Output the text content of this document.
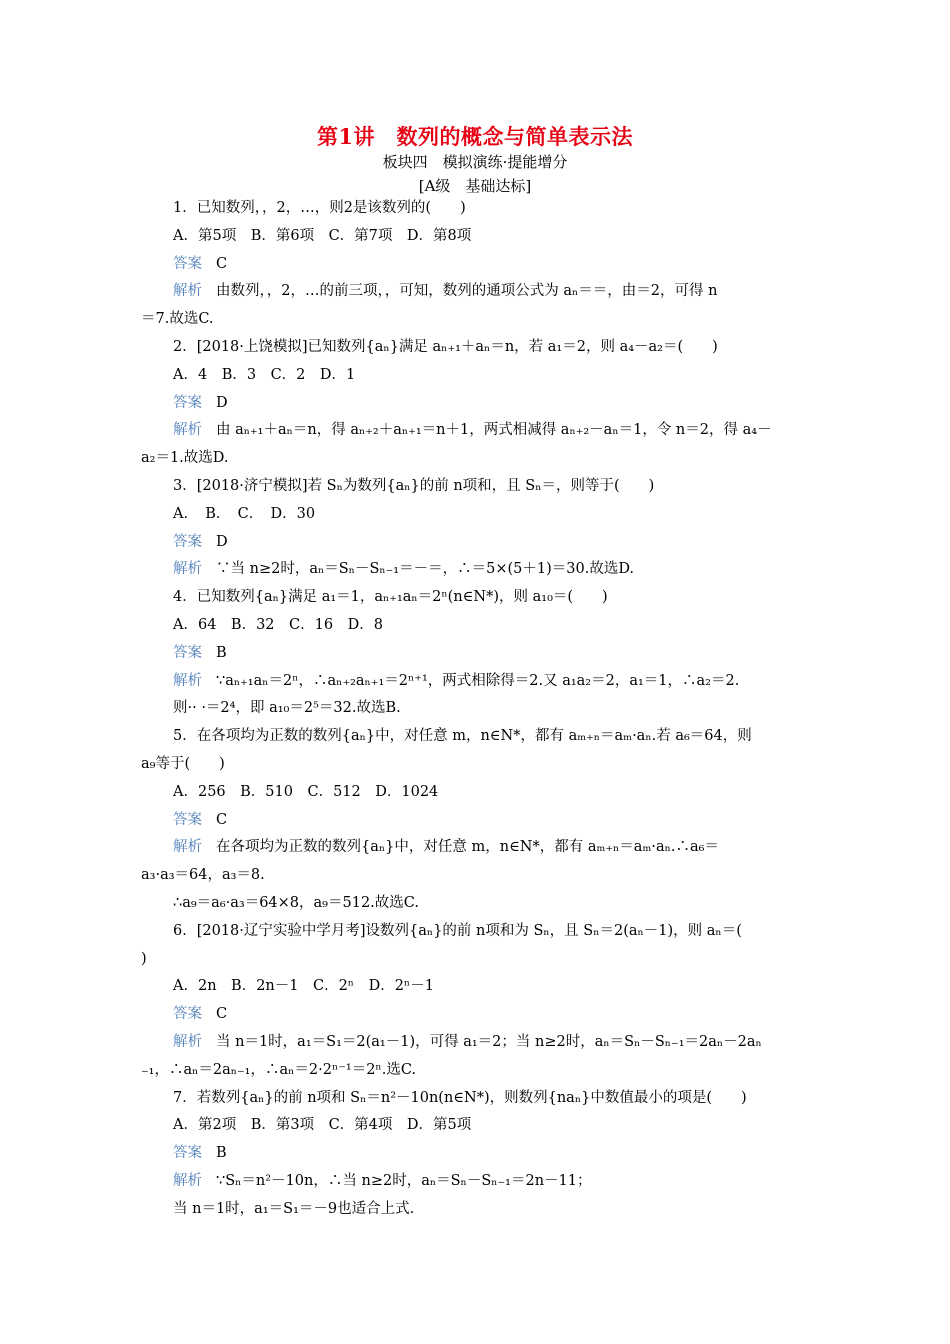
第1讲　数列的概念与简单表示法
板块四　模拟演练·提能增分
[A级　基础达标]
1．已知数列，，2，…，则2是该数列的(　　)
A．第5项　B．第6项　C．第7项　D．第8项
答案 C
解析 由数列，，2，…的前三项，，可知，数列的通项公式为 aₙ＝＝，由＝2，可得 n
＝7.故选C.
2．[2018·上饶模拟]已知数列{aₙ}满足 aₙ₊₁＋aₙ＝n，若 a₁＝2，则 a₄－a₂＝(　　)
A．4　B．3　C．2　D．1
答案 D
解析 由 aₙ₊₁＋aₙ＝n，得 aₙ₊₂＋aₙ₊₁＝n＋1，两式相减得 aₙ₊₂－aₙ＝1，令 n＝2，得 a₄－
a₂＝1.故选D.
3．[2018·济宁模拟]若 Sₙ为数列{aₙ}的前 n项和，且 Sₙ＝，则等于(　　)
A．　B．　C．　D．30
答案 D
解析 ∵当 n≥2时，aₙ＝Sₙ－Sₙ₋₁＝－＝，∴＝5×(5＋1)＝30.故选D.
4．已知数列{aₙ}满足 a₁＝1，aₙ₊₁aₙ＝2ⁿ(n∈N*)，则 a₁₀＝(　　)
A．64　B．32　C．16　D．8
答案 B
解析 ∵aₙ₊₁aₙ＝2ⁿ，∴aₙ₊₂aₙ₊₁＝2ⁿ⁺¹，两式相除得＝2.又 a₁a₂＝2，a₁＝1，∴a₂＝2.
则·· ·＝2⁴，即 a₁₀＝2⁵＝32.故选B.
5．在各项均为正数的数列{aₙ}中，对任意 m，n∈N*，都有 aₘ₊ₙ＝aₘ·aₙ.若 a₆＝64，则
a₉等于(　　)
A．256　B．510　C．512　D．1024
答案 C
解析 在各项均为正数的数列{aₙ}中，对任意 m，n∈N*，都有 aₘ₊ₙ＝aₘ·aₙ.∴a₆＝
a₃·a₃＝64，a₃＝8.
∴a₉＝a₆·a₃＝64×8，a₉＝512.故选C.
6．[2018·辽宁实验中学月考]设数列{aₙ}的前 n项和为 Sₙ，且 Sₙ＝2(aₙ－1)，则 aₙ＝(
)
A．2n　B．2n－1　C．2ⁿ　D．2ⁿ－1
答案 C
解析 当 n＝1时，a₁＝S₁＝2(a₁－1)，可得 a₁＝2；当 n≥2时，aₙ＝Sₙ－Sₙ₋₁＝2aₙ－2aₙ
₋₁，∴aₙ＝2aₙ₋₁，∴aₙ＝2·2ⁿ⁻¹＝2ⁿ.选C.
7．若数列{aₙ}的前 n项和 Sₙ＝n²－10n(n∈N*)，则数列{naₙ}中数值最小的项是(　　)
A．第2项　B．第3项　C．第4项　D．第5项
答案 B
解析 ∵Sₙ＝n²－10n，∴当 n≥2时，aₙ＝Sₙ－Sₙ₋₁＝2n－11；
当 n＝1时，a₁＝S₁＝－9也适合上式.
